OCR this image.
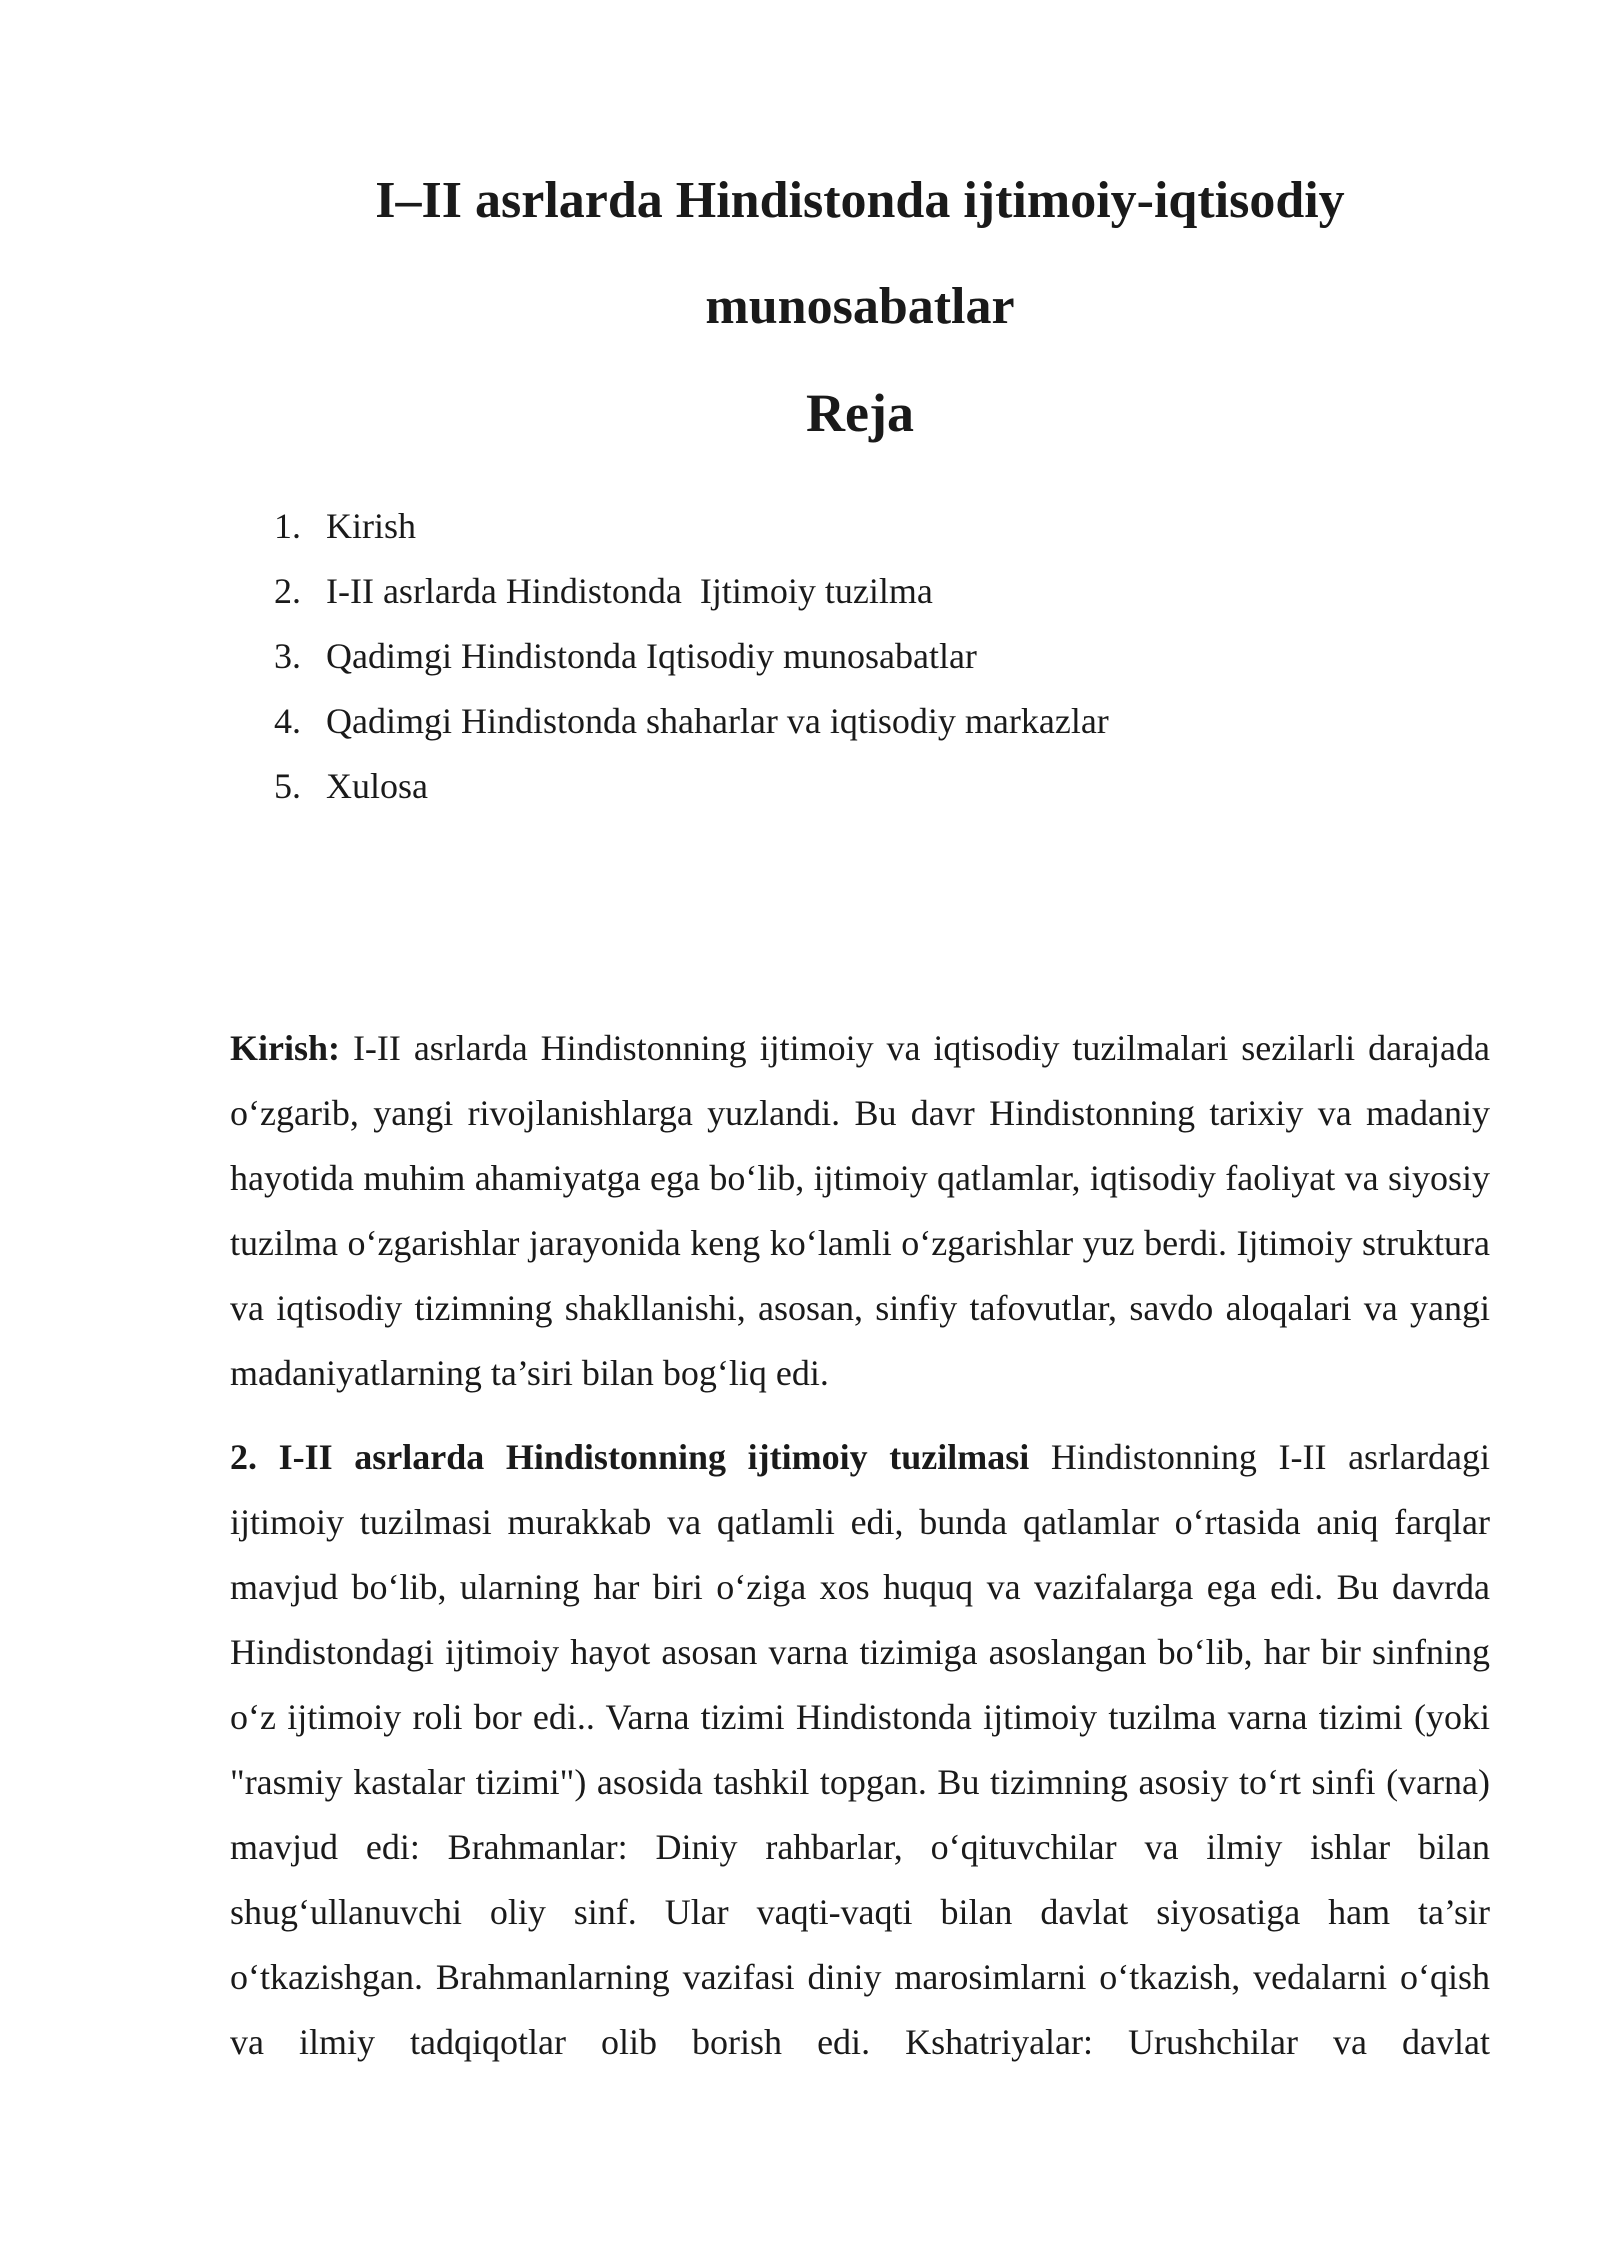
I–II asrlarda Hindistonda ijtimoiy-iqtisodiy
munosabatlar
Reja
1. Kirish
2. I-II asrlarda Hindistonda  Ijtimoiy tuzilma
3. Qadimgi Hindistonda Iqtisodiy munosabatlar
4. Qadimgi Hindistonda shaharlar va iqtisodiy markazlar
5. Xulosa

Kirish: I-II asrlarda Hindistonning ijtimoiy va iqtisodiy tuzilmalari sezilarli darajada o‘zgarib, yangi rivojlanishlarga yuzlandi. Bu davr Hindistonning tarixiy va madaniy hayotida muhim ahamiyatga ega bo‘lib, ijtimoiy qatlamlar, iqtisodiy faoliyat va siyosiy tuzilma o‘zgarishlar jarayonida keng ko‘lamli o‘zgarishlar yuz berdi. Ijtimoiy struktura va iqtisodiy tizimning shakllanishi, asosan, sinfiy tafovutlar, savdo aloqalari va yangi madaniyatlarning ta’siri bilan bog‘liq edi.

2. I-II asrlarda Hindistonning ijtimoiy tuzilmasi Hindistonning I-II asrlardagi ijtimoiy tuzilmasi murakkab va qatlamli edi, bunda qatlamlar o‘rtasida aniq farqlar mavjud bo‘lib, ularning har biri o‘ziga xos huquq va vazifalarga ega edi. Bu davrda Hindistondagi ijtimoiy hayot asosan varna tizimiga asoslangan bo‘lib, har bir sinfning o‘z ijtimoiy roli bor edi.. Varna tizimi Hindistonda ijtimoiy tuzilma varna tizimi (yoki "rasmiy kastalar tizimi") asosida tashkil topgan. Bu tizimning asosiy to‘rt sinfi (varna) mavjud edi: Brahmanlar: Diniy rahbarlar, o‘qituvchilar va ilmiy ishlar bilan shug‘ullanuvchi oliy sinf. Ular vaqti-vaqti bilan davlat siyosatiga ham ta’sir o‘tkazishgan. Brahmanlarning vazifasi diniy marosimlarni o‘tkazish, vedalarni o‘qish va ilmiy tadqiqotlar olib borish edi. Kshatriyalar: Urushchilar va davlat
